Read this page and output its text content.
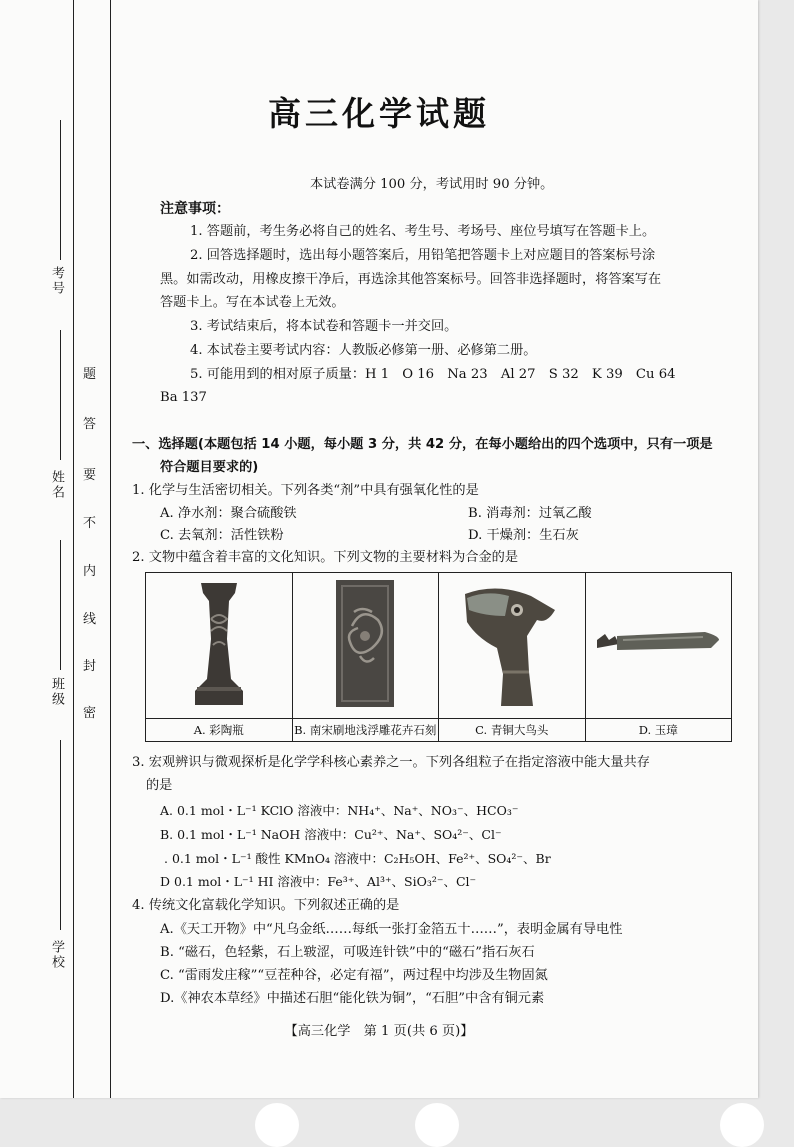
考号
姓名
班级
学校
题
答
要
不
内
线
封
密
高三化学试题
本试卷满分 100 分，考试用时 90 分钟。
注意事项：
1. 答题前，考生务必将自己的姓名、考生号、考场号、座位号填写在答题卡上。
2. 回答选择题时，选出每小题答案后，用铅笔把答题卡上对应题目的答案标号涂
黑。如需改动，用橡皮擦干净后，再选涂其他答案标号。回答非选择题时，将答案写在
答题卡上。写在本试卷上无效。
3. 考试结束后，将本试卷和答题卡一并交回。
4. 本试卷主要考试内容：人教版必修第一册、必修第二册。
5. 可能用到的相对原子质量：H 1　O 16　Na 23　Al 27　S 32　K 39　Cu 64
Ba 137
一、选择题(本题包括 14 小题，每小题 3 分，共 42 分，在每小题给出的四个选项中，只有一项是
符合题目要求的)
1. 化学与生活密切相关。下列各类“剂”中具有强氧化性的是
A. 净水剂：聚合硫酸铁	B. 消毒剂：过氧乙酸
C. 去氧剂：活性铁粉	D. 干燥剂：生石灰
2. 文物中蕴含着丰富的文化知识。下列文物的主要材料为合金的是

A. 彩陶瓶	B. 南宋刷地浅浮雕花卉石刻	C. 青铜大鸟头	D. 玉璋
3. 宏观辨识与微观探析是化学学科核心素养之一。下列各组粒子在指定溶液中能大量共存
的是
A. 0.1 mol・L⁻¹ KClO 溶液中：NH₄⁺、Na⁺、NO₃⁻、HCO₃⁻
B. 0.1 mol・L⁻¹ NaOH 溶液中：Cu²⁺、Na⁺、SO₄²⁻、Cl⁻
. 0.1 mol・L⁻¹ 酸性 KMnO₄ 溶液中：C₂H₅OH、Fe²⁺、SO₄²⁻、Br
D 0.1 mol・L⁻¹ HI 溶液中：Fe³⁺、Al³⁺、SiO₃²⁻、Cl⁻
4. 传统文化富载化学知识。下列叙述正确的是
A.《天工开物》中“凡乌金纸……每纸一张打金箔五十……”，表明金属有导电性
B. “磁石，色轻紫，石上皲涩，可吸连针铁”中的“磁石”指石灰石
C. “雷雨发庄稼”“豆茬种谷，必定有福”，两过程中均涉及生物固氮
D.《神农本草经》中描述石胆“能化铁为铜”，“石胆”中含有铜元素
【高三化学　第 1 页(共 6 页)】
